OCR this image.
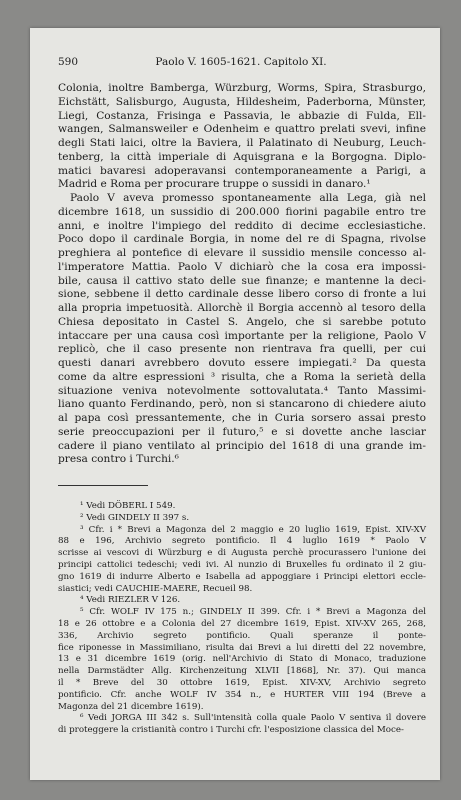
590	Paolo V. 1605-1621. Capitolo XI.

Colonia, inoltre Bamberga, Würzburg, Worms, Spira, Strasburgo,
Eichstätt, Salisburgo, Augusta, Hildesheim, Paderborna, Münster,
Liegi, Costanza, Frisinga e Passavia, le abbazie di Fulda, Ell-
wangen, Salmansweiler e Odenheim e quattro prelati svevi, infine
degli Stati laici, oltre la Baviera, il Palatinato di Neuburg, Leuch-
tenberg, la città imperiale di Aquisgrana e la Borgogna. Diplo-
matici bavaresi adoperavansi contemporaneamente a Parigi, a
Madrid e Roma per procurare truppe o sussidi in danaro.¹

Paolo V aveva promesso spontaneamente alla Lega, già nel
dicembre 1618, un sussidio di 200.000 fiorini pagabile entro tre
anni, e inoltre l'impiego del reddito di decime ecclesiastiche.
Poco dopo il cardinale Borgia, in nome del re di Spagna, rivolse
preghiera al pontefice di elevare il sussidio mensile concesso al-
l'imperatore Mattia. Paolo V dichiarò che la cosa era impossi-
bile, causa il cattivo stato delle sue finanze; e mantenne la deci-
sione, sebbene il detto cardinale desse libero corso di fronte a lui
alla propria impetuosità. Allorchè il Borgia accennò al tesoro della
Chiesa depositato in Castel S. Angelo, che si sarebbe potuto
intaccare per una causa così importante per la religione, Paolo V
replicò, che il caso presente non rientrava fra quelli, per cui
questi danari avrebbero dovuto essere impiegati.² Da questa
come da altre espressioni ³ risulta, che a Roma la serietà della
situazione veniva notevolmente sottovalutata.⁴ Tanto Massimi-
liano quanto Ferdinando, però, non si stancarono di chiedere aiuto
al papa così pressantemente, che in Curia sorsero assai presto
serie preoccupazioni per il futuro,⁵ e si dovette anche lasciar
cadere il piano ventilato al principio del 1618 di una grande im-
presa contro i Turchi.⁶

¹ Vedi DÖBERL I 549.

² Vedi GINDELY II 397 s.

³ Cfr. i * Brevi a Magonza del 2 maggio e 20 luglio 1619, Epist. XIV-XV
88 e 196, Archivio segreto pontificio. Il 4 luglio 1619 * Paolo V
scrisse ai vescovi di Würzburg e di Augusta perchè procurassero l'unione dei
principi cattolici tedeschi; vedi ivi. Al nunzio di Bruxelles fu ordinato il 2 giu-
gno 1619 di indurre Alberto e Isabella ad appoggiare i Principi elettori eccle-
siastici; vedi CAUCHIE-MAERE, Recueil 98.

⁴ Vedi RIEZLER V 126.

⁵ Cfr. WOLF IV 175 n.; GINDELY II 399. Cfr. i * Brevi a Magonza del
18 e 26 ottobre e a Colonia del 27 dicembre 1619, Epist. XIV-XV 265, 268,
336, Archivio segreto pontificio. Quali speranze il ponte-
fice riponesse in Massimiliano, risulta dai Brevi a lui diretti del 22 novembre,
13 e 31 dicembre 1619 (orig. nell'Archivio di Stato di Monaco, traduzione
nella Darmstädter Allg. Kirchenzeitung XLVII [1868], Nr. 37). Qui manca
il * Breve del 30 ottobre 1619, Epist. XIV-XV, Archivio segreto
pontificio. Cfr. anche WOLF IV 354 n., e HURTER VIII 194 (Breve a
Magonza del 21 dicembre 1619).

⁶ Vedi JORGA III 342 s. Sull'intensità colla quale Paolo V sentiva il dovere
di proteggere la cristianità contro i Turchi cfr. l'esposizione classica del Moce-
